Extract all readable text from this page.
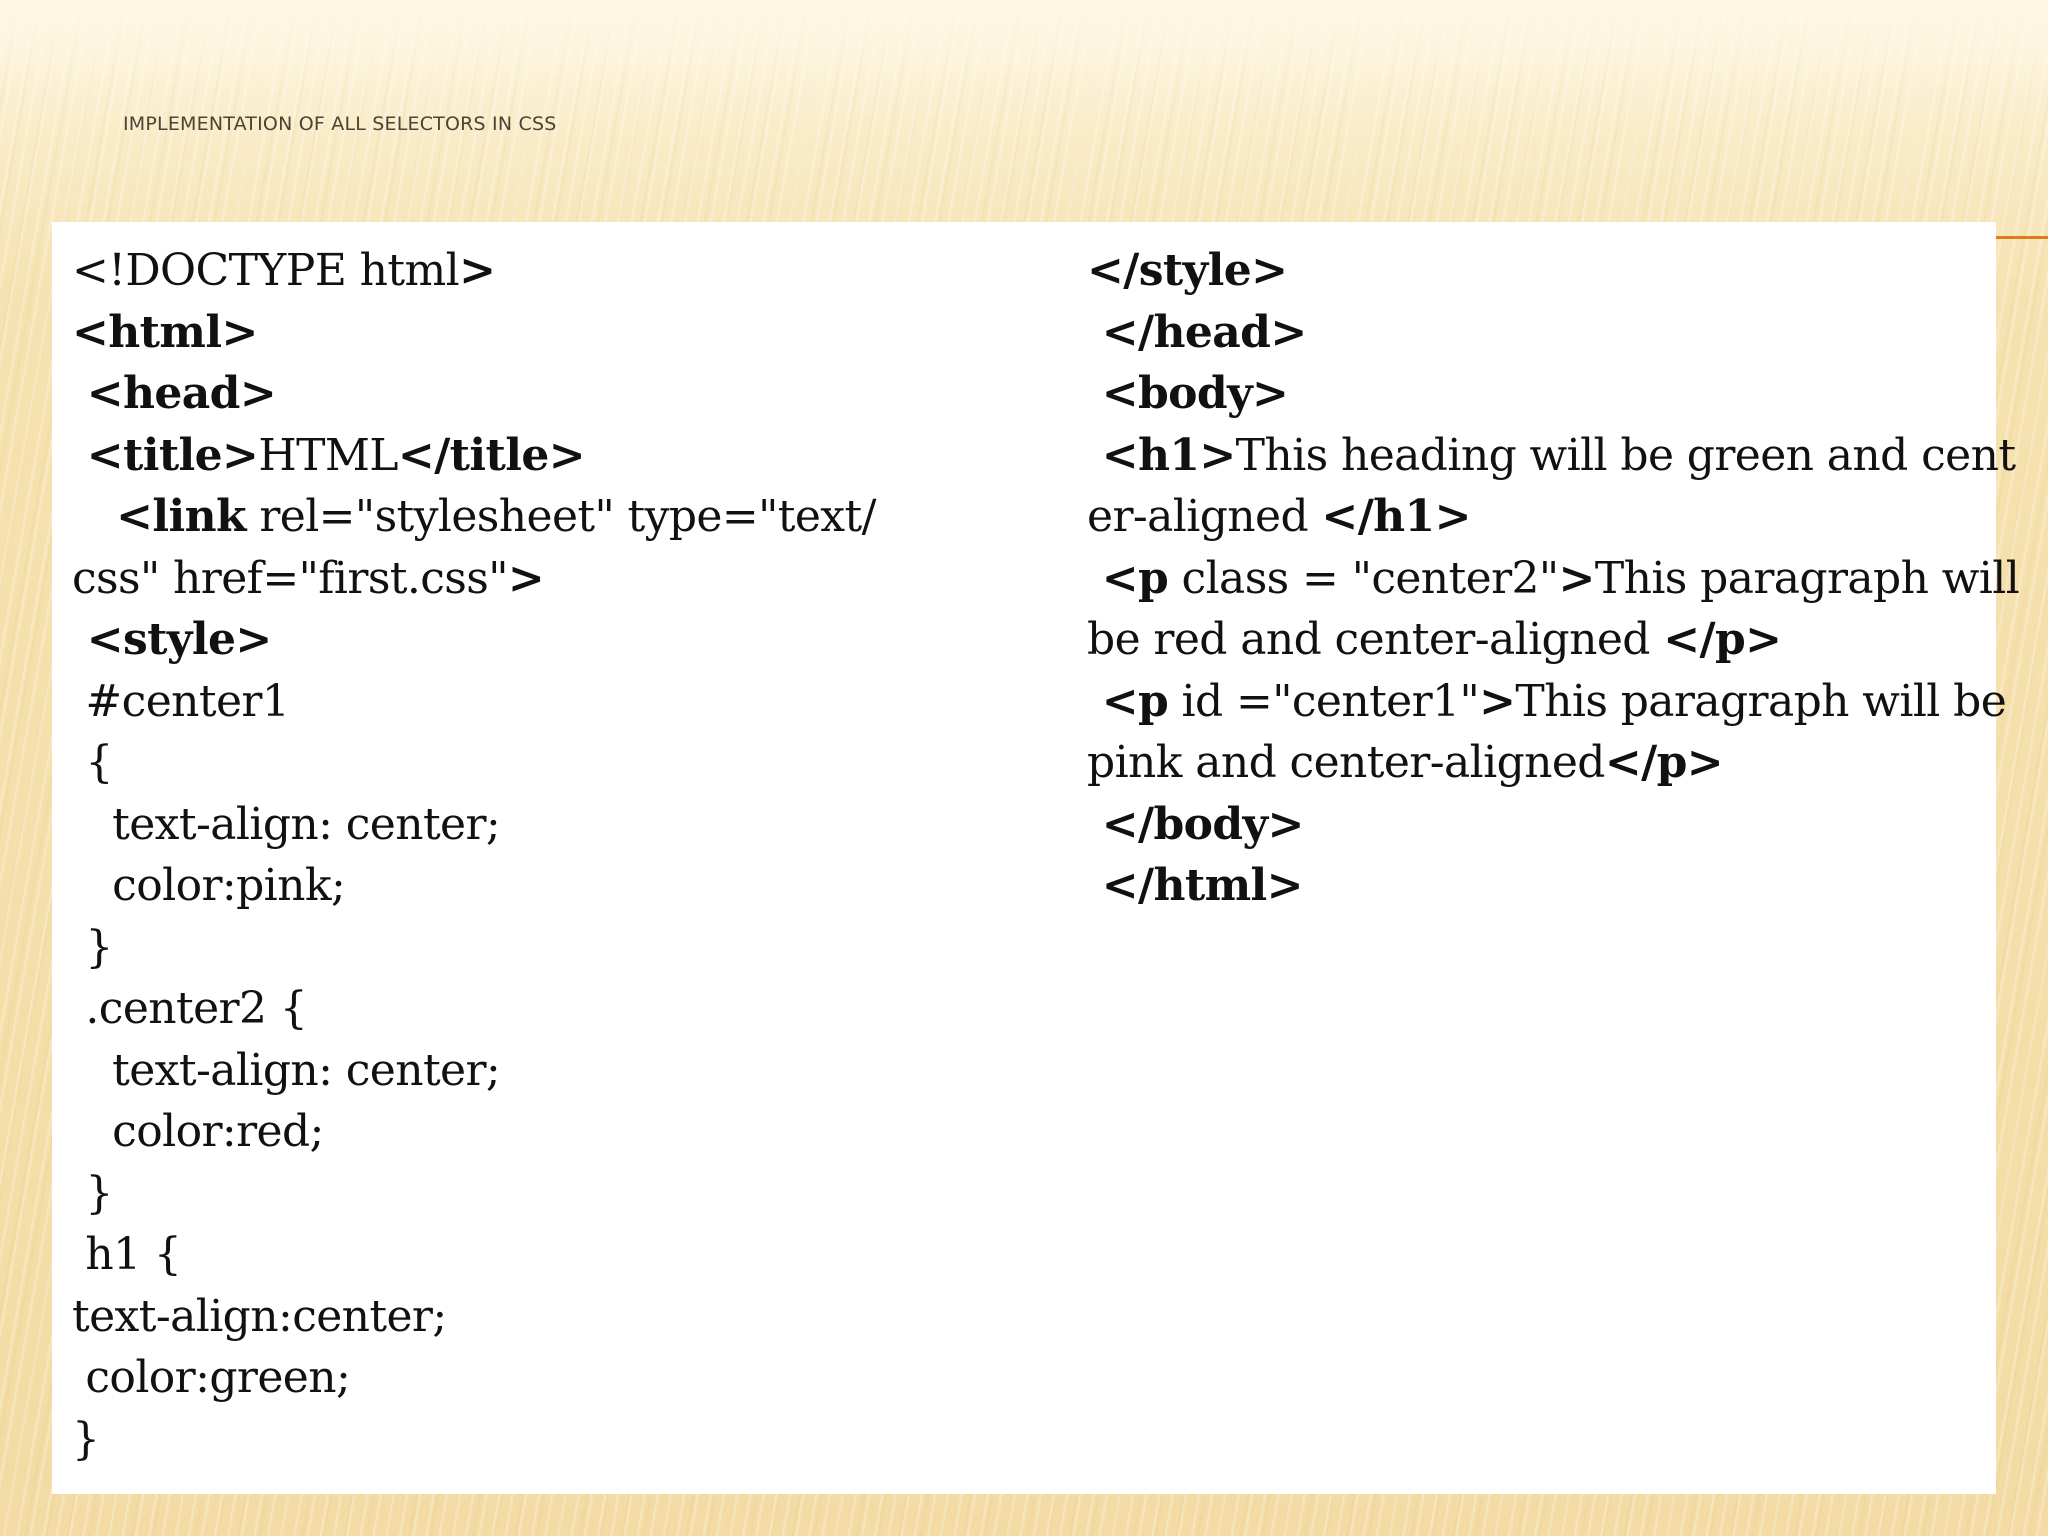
IMPLEMENTATION OF ALL SELECTORS IN CSS
<!DOCTYPE html>
<html>
<head>
<title>HTML</title>
<link rel="stylesheet" type="text/
css" href="first.css">
<style>
#center1
{
text-align: center;
color:pink;
}
.center2 {
text-align: center;
color:red;
}
h1 {
text-align:center;
color:green;
}
</style>
</head>
<body>
<h1>This heading will be green and cent
er-aligned </h1>
<p class = "center2">This paragraph will
be red and center-aligned </p>
<p id ="center1">This paragraph will be
pink and center-aligned</p>
</body>
</html>
